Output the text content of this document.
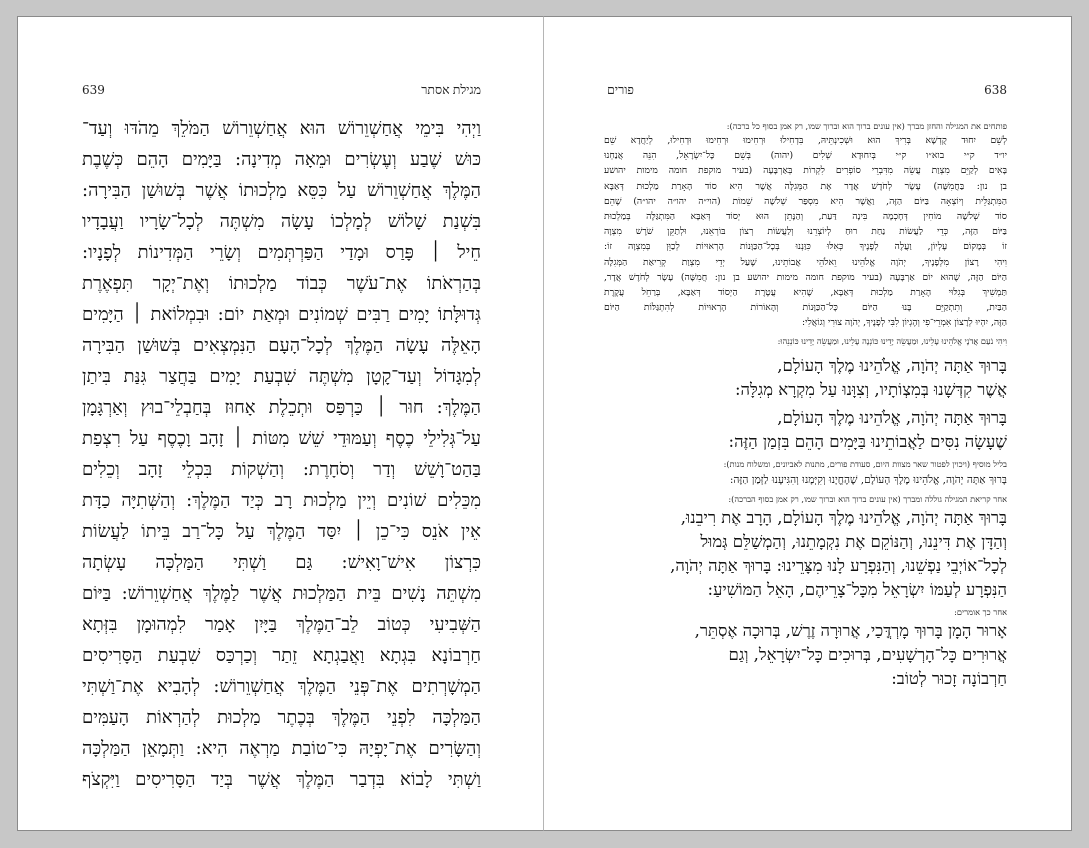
639	מגילת אסתר
וַיְהִי בִּימֵי אֲחַשְׁוֵרוֹשׁ הוּא אֲחַשְׁוֵרוֹשׁ הַמֹּלֵךְ מֵהֹדּוּ וְעַד־
כּוּשׁ שֶׁבַע וְעֶשְׂרִים וּמֵאָה מְדִינָה: בַּיָּמִים הָהֵם כְּשֶׁבֶת
הַמֶּלֶךְ אֲחַשְׁוֵרוֹשׁ עַל כִּסֵּא מַלְכוּתוֹ אֲשֶׁר בְּשׁוּשַׁן הַבִּירָה:
בִּשְׁנַת שָׁלוֹשׁ לְמָלְכוֹ עָשָׂה מִשְׁתֶּה לְכָל־שָׂרָיו וַעֲבָדָיו
חֵיל ׀ פָּרַס וּמָדַי הַפַּרְתְּמִים וְשָׂרֵי הַמְּדִינוֹת לְפָנָיו:
בְּהַרְאֹתוֹ אֶת־עֹשֶׁר כְּבוֹד מַלְכוּתוֹ וְאֶת־יְקָר תִּפְאֶרֶת
גְּדוּלָּתוֹ יָמִים רַבִּים שְׁמוֹנִים וּמְאַת יוֹם: וּבִמְלוֹאת ׀ הַיָּמִים
הָאֵלֶּה עָשָׂה הַמֶּלֶךְ לְכָל־הָעָם הַנִּמְצְאִים בְּשׁוּשַׁן הַבִּירָה
לְמִגָּדוֹל וְעַד־קָטָן מִשְׁתֶּה שִׁבְעַת יָמִים בַּחֲצַר גִּנַּת בִּיתַן
הַמֶּלֶךְ: חוּר ׀ כַּרְפַּס וּתְכֵלֶת אָחוּז בְּחַבְלֵי־בוּץ וְאַרְגָּמָן
עַל־גְּלִילֵי כֶסֶף וְעַמּוּדֵי שֵׁשׁ מִטּוֹת ׀ זָהָב וָכֶסֶף עַל רִצְפַת
בַּהַט־וָשֵׁשׁ וְדַר וְסֹחָרֶת: וְהַשְׁקוֹת בִּכְלֵי זָהָב וְכֵלִים
מִכֵּלִים שׁוֹנִים וְיֵין מַלְכוּת רָב כְּיַד הַמֶּלֶךְ: וְהַשְּׁתִיָּה כַדָּת
אֵין אֹנֵס כִּי־כֵן ׀ יִסַּד הַמֶּלֶךְ עַל כָּל־רַב בֵּיתוֹ לַעֲשׂוֹת
כִּרְצוֹן אִישׁ־וָאִישׁ: גַּם וַשְׁתִּי הַמַּלְכָּה עָשְׂתָה
מִשְׁתֵּה נָשִׁים בֵּית הַמַּלְכוּת אֲשֶׁר לַמֶּלֶךְ אֲחַשְׁוֵרוֹשׁ: בַּיּוֹם
הַשְּׁבִיעִי כְּטוֹב לֵב־הַמֶּלֶךְ בַּיָּיִן אָמַר לִמְהוּמָן בִּזְּתָא
חַרְבוֹנָא בִּגְתָא וַאֲבַגְתָא זֵתַר וְכַרְכַּס שִׁבְעַת הַסָּרִיסִים
הַמְשָׁרְתִים אֶת־פְּנֵי הַמֶּלֶךְ אֲחַשְׁוֵרוֹשׁ: לְהָבִיא אֶת־וַשְׁתִּי
הַמַּלְכָּה לִפְנֵי הַמֶּלֶךְ בְּכֶתֶר מַלְכוּת לְהַרְאוֹת הָעַמִּים
וְהַשָּׂרִים אֶת־יָפְיָהּ כִּי־טוֹבַת מַרְאֶה הִיא: וַתְּמָאֵן הַמַּלְכָּה
וַשְׁתִּי לָבוֹא בִּדְבַר הַמֶּלֶךְ אֲשֶׁר בְּיַד הַסָּרִיסִים וַיִּקְצֹף
638
פורים
פותחים את המגילה והחזן מברך (אין עונים ברוך הוא וברוך שמו, רק אמן בסוף כל ברכה):
לְשֵׁם יִחוּד קֻדְשָׁא בְּרִיךְ הוּא וּשְׁכִינְתֵּיהּ, בִּדְחִילוּ וּרְחִימוּ וּרְחִימוּ וּדְחִילוּ, לְיַחֲדָא שֵׁם
יו״ד ק״י בוא״ו ק״י בְּיִחוּדָא שְׁלִים (יהוה) בְּשֵׁם כָּל־יִשְׂרָאֵל, הִנֵּה אֲנַחְנוּ
בָּאִים לְקַיֵּם מִצְוַת עֲשֵׂה מִדִּבְרֵי סוֹפְרִים לִקְרוֹת בְּאַרְבָּעָה (בעיר מוקפת חומה מימות יהושע
בן נון: בַּחֲמִשָּׁה) עָשָׂר לְחֹדֶשׁ אֲדָר אֶת הַמְּגִלָּה אֲשֶׁר הִיא סוֹד הָאָרַת מַלְכוּת דְּאַבָּא
הַמִּתְגַּלֵּית וְיוֹצְאָה בַּיּוֹם הַזֶּה, וַאֲשֶׁר הִיא מִסְפַּר שְׁלֹשָׁה שֵׁמוֹת (הוי״ה יהו״ה יהו״ה) שֶׁהֵם
סוֹד שְׁלֹשָׁה מוֹחִין דְּחָכְמָה בִּינָה דַּעַת, וְהַנָּתֵן הוּא יְסוֹד דְּאַבָּא הַמִּתְגַּלֶּה בְּמַלְכוּת
בַּיּוֹם הַזֶּה, כְּדֵי לַעֲשׂוֹת נַחַת רוּחַ לְיוֹצְרֵנוּ וְלַעֲשׂוֹת רְצוֹן בּוֹרְאֵנוּ, וּלְתַקֵּן שֹׁרֶשׁ מִצְוָה
זוֹ בְּמָקוֹם עֶלְיוֹן, וַעֲלֶה לְפָנֶיךָ כְּאִלּוּ כִּוַּנְנוּ בְּכָל־הַכַּוָּנוֹת הָרְאוּיוֹת לְכַוֵּן בְּמִצְוָה זוֹ:
וִיהִי רָצוֹן מִלְּפָנֶיךָ, יְהֹוָה אֱלֹהֵינוּ וֵאלֹהֵי אֲבוֹתֵינוּ, שֶׁעַל יְדֵי מִצְוַת קְרִיאַת הַמְּגִלָּה
הַיּוֹם הַזֶּה, שֶׁהוּא יוֹם אַרְבָּעָה (בעיר מוקפת חומה מימות יהושע בן נון: חֲמִשָּׁה) עָשָׂר לְחֹדֶשׁ אֲדָר,
תַּמְשִׁיךְ בְּגִלּוּי הֶאָרַת מַלְכוּת דְּאַבָּא, שֶׁהִיא עֲטֶרֶת הַיְסוֹד דְּאַבָּא, בְּרַחֵל עֲקֶרֶת
הַבַּיִת, וְתִתְקַיֵּם בָּנוּ הַיּוֹם כָּל־הַכַּוָּנוֹת וְהָאוֹרוֹת הָרְאוּיוֹת לְהִתְגַּלּוֹת הַיּוֹם
הַזֶּה, יִהְיוּ לְרָצוֹן אִמְרֵי־פִי וְהֶגְיוֹן לִבִּי לְפָנֶיךָ, יְהֹוָה צוּרִי וְגוֹאֲלִי:
וִיהִי נֹעַם אֲדֹנָי אֱלֹהֵינוּ עָלֵינוּ, וּמַעֲשֵׂה יָדֵינוּ כּוֹנְנָה עָלֵינוּ, וּמַעֲשֵׂה יָדֵינוּ כּוֹנְנֵהוּ:
בָּרוּךְ אַתָּה יְהֹוָה, אֱלֹהֵינוּ מֶלֶךְ הָעוֹלָם,
אֲשֶׁר קִדְּשָׁנוּ בְּמִצְוֹתָיו, וְצִוָּנוּ עַל מִקְרָא מְגִלָּה:
בָּרוּךְ אַתָּה יְהֹוָה, אֱלֹהֵינוּ מֶלֶךְ הָעוֹלָם,
שֶׁעָשָׂה נִסִּים לַאֲבוֹתֵינוּ בַּיָּמִים הָהֵם בִּזְמַן הַזֶּה:
בליל מוסיף (ויכוין לפטור שאר מצוות היום, סעודת פורים, מתנות לאביונים, ומשלוח מנות):
בָּרוּךְ אַתָּה יְהֹוָה, אֱלֹהֵינוּ מֶלֶךְ הָעוֹלָם, שֶׁהֶחֱיָנוּ וְקִיְּמָנוּ וְהִגִּיעָנוּ לַזְּמַן הַזֶּה:
אחר קריאת המגילה גוללה ומברך (אין עונים ברוך הוא וברוך שמו, רק אמן בסוף הברכה):
בָּרוּךְ אַתָּה יְהֹוָה, אֱלֹהֵינוּ מֶלֶךְ הָעוֹלָם, הָרָב אֶת רִיבֵנוּ,
וְהַדָּן אֶת דִּינֵנוּ, וְהַנּוֹקֵם אֶת נִקְמָתֵנוּ, וְהַמְשַׁלֵּם גְּמוּל
לְכָל־אוֹיְבֵי נַפְשֵׁנוּ, וְהַנִּפְרָע לָנוּ מִצָּרֵינוּ: בָּרוּךְ אַתָּה יְהֹוָה,
הַנִּפְרָע לְעַמּוֹ יִשְׂרָאֵל מִכָּל־צָרֵיהֶם, הָאֵל הַמּוֹשִׁיעַ:
אחר כך אומרים:
אָרוּר הָמָן בָּרוּךְ מָרְדֳּכַי, אֲרוּרָה זֶרֶשׁ, בְּרוּכָה אֶסְתֵּר,
אֲרוּרִים כָּל־הָרְשָׁעִים, בְּרוּכִים כָּל־יִשְׂרָאֵל, וְגַם
חַרְבוֹנָה זָכוּר לְטוֹב:
